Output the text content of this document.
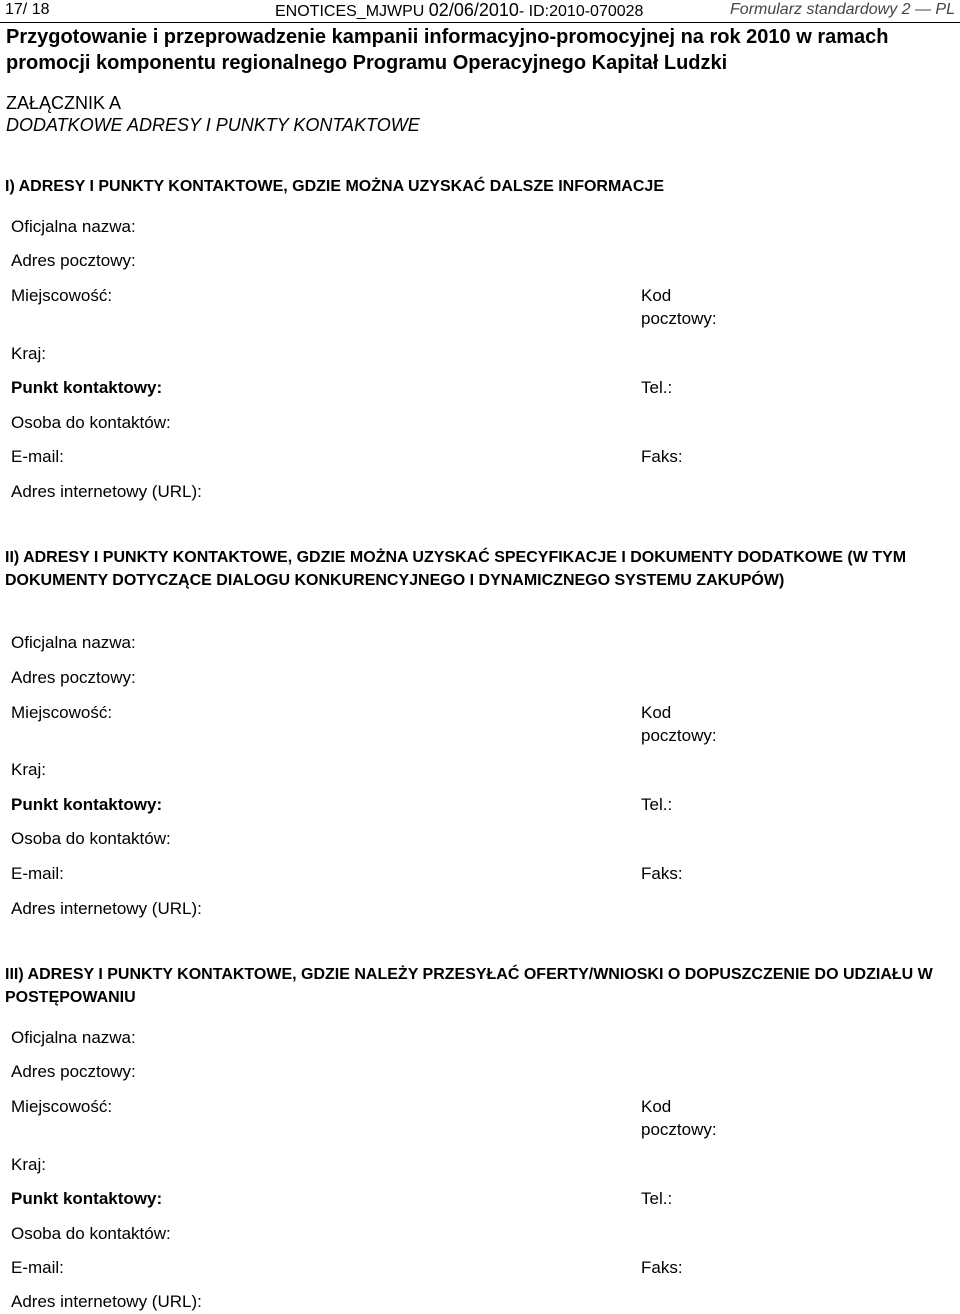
17/ 18	ENOTICES_MJWPU 02/06/2010- ID:2010-070028	Formularz standardowy 2 — PL
Przygotowanie i przeprowadzenie kampanii informacyjno-promocyjnej na rok 2010 w ramach promocji komponentu regionalnego Programu Operacyjnego Kapitał Ludzki
ZAŁĄCZNIK A
DODATKOWE ADRESY I PUNKTY KONTAKTOWE
I) ADRESY I PUNKTY KONTAKTOWE, GDZIE MOŻNA UZYSKAĆ DALSZE INFORMACJE
Oficjalna nazwa:
Adres pocztowy:
Miejscowość:	Kod pocztowy:
Kraj:
Punkt kontaktowy:	Tel.:
Osoba do kontaktów:
E-mail:	Faks:
Adres internetowy (URL):
II) ADRESY I PUNKTY KONTAKTOWE, GDZIE MOŻNA UZYSKAĆ SPECYFIKACJE I DOKUMENTY DODATKOWE (W TYM DOKUMENTY DOTYCZĄCE DIALOGU KONKURENCYJNEGO I DYNAMICZNEGO SYSTEMU ZAKUPÓW)
Oficjalna nazwa:
Adres pocztowy:
Miejscowość:	Kod pocztowy:
Kraj:
Punkt kontaktowy:	Tel.:
Osoba do kontaktów:
E-mail:	Faks:
Adres internetowy (URL):
III) ADRESY I PUNKTY KONTAKTOWE, GDZIE NALEŻY PRZESYŁAĆ OFERTY/WNIOSKI O DOPUSZCZENIE DO UDZIAŁU W POSTĘPOWANIU
Oficjalna nazwa:
Adres pocztowy:
Miejscowość:	Kod pocztowy:
Kraj:
Punkt kontaktowy:	Tel.:
Osoba do kontaktów:
E-mail:	Faks:
Adres internetowy (URL):
